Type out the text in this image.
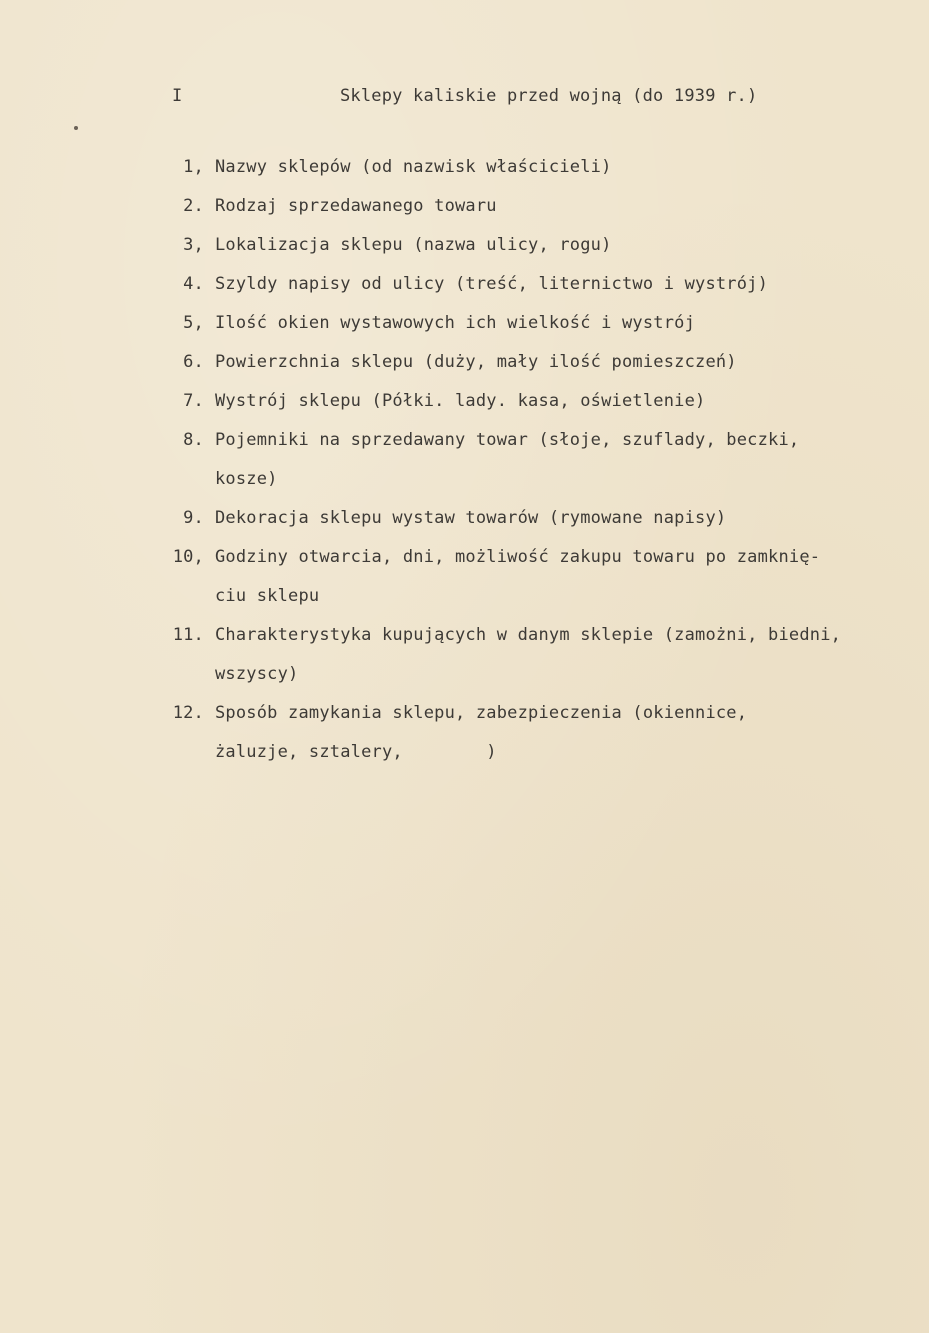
I	Sklepy kaliskie przed wojną (do 1939 r.)
1, Nazwy sklepów (od nazwisk właścicieli)
2. Rodzaj sprzedawanego towaru
3, Lokalizacja sklepu (nazwa ulicy, rogu)
4. Szyldy napisy od ulicy (treść, liternictwo i wystrój)
5, Ilość okien wystawowych ich wielkość i wystrój
6. Powierzchnia sklepu (duży, mały ilość pomieszczeń)
7. Wystrój sklepu (Półki. lady. kasa, oświetlenie)
8. Pojemniki na sprzedawany towar (słoje, szuflady, beczki,
kosze)
9. Dekoracja sklepu wystaw towarów (rymowane napisy)
10, Godziny otwarcia, dni, możliwość zakupu towaru po zamknię-
ciu sklepu
11. Charakterystyka kupujących w danym sklepie (zamożni, biedni,
wszyscy)
12. Sposób zamykania sklepu, zabezpieczenia (okiennice,
żaluzje, sztalery,        )
